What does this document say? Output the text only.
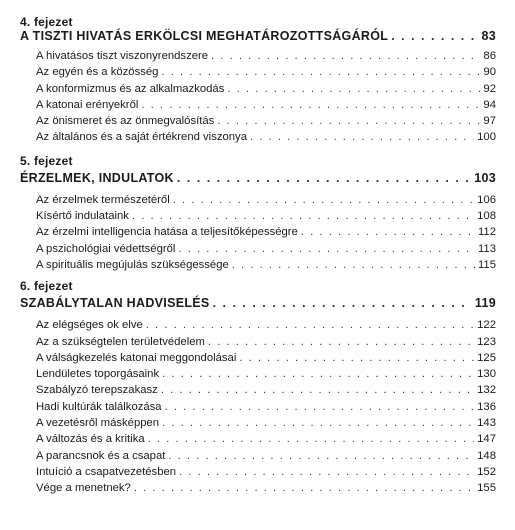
4. fejezet
A TISZTI HIVATÁS ERKÖLCSI MEGHATÁROZOTTSÁGÁRÓL . . .	83
A hivatásos tiszt viszonyrendszere . . .	86
Az egyén és a közösség . . .	90
A konformizmus és az alkalmazkodás . . .	92
A katonai erényekről . . .	94
Az önismeret és az önmegvalósítás . . .	97
Az általános és a saját értékrend viszonya . . .	100
5. fejezet
ÉRZELMEK, INDULATOK . . .	103
Az érzelmek természetéről . . .	106
Kísértő indulataink . . .	108
Az érzelmi intelligencia hatása a teljesítőképességre . . .	112
A pszichológiai védettségről . . .	113
A spirituális megújulás szükségessége . . .	115
6. fejezet
SZABÁLYTALAN HADVISELÉS . . .	119
Az elégséges ok elve . . .	122
Az a szükségtelen területvédelem . . .	123
A válságkezelés katonai meggondolásai . . .	125
Lendületes toporgásaink . . .	130
Szabályzó terepszakasz . . .	132
Hadi kultúrák találkozása . . .	136
A vezetésről másképpen . . .	143
A változás és a kritika . . .	147
A parancsnok és a csapat . . .	148
Intuíció a csapatvezetésben . . .	152
Vége a menetnek? . . .	155
